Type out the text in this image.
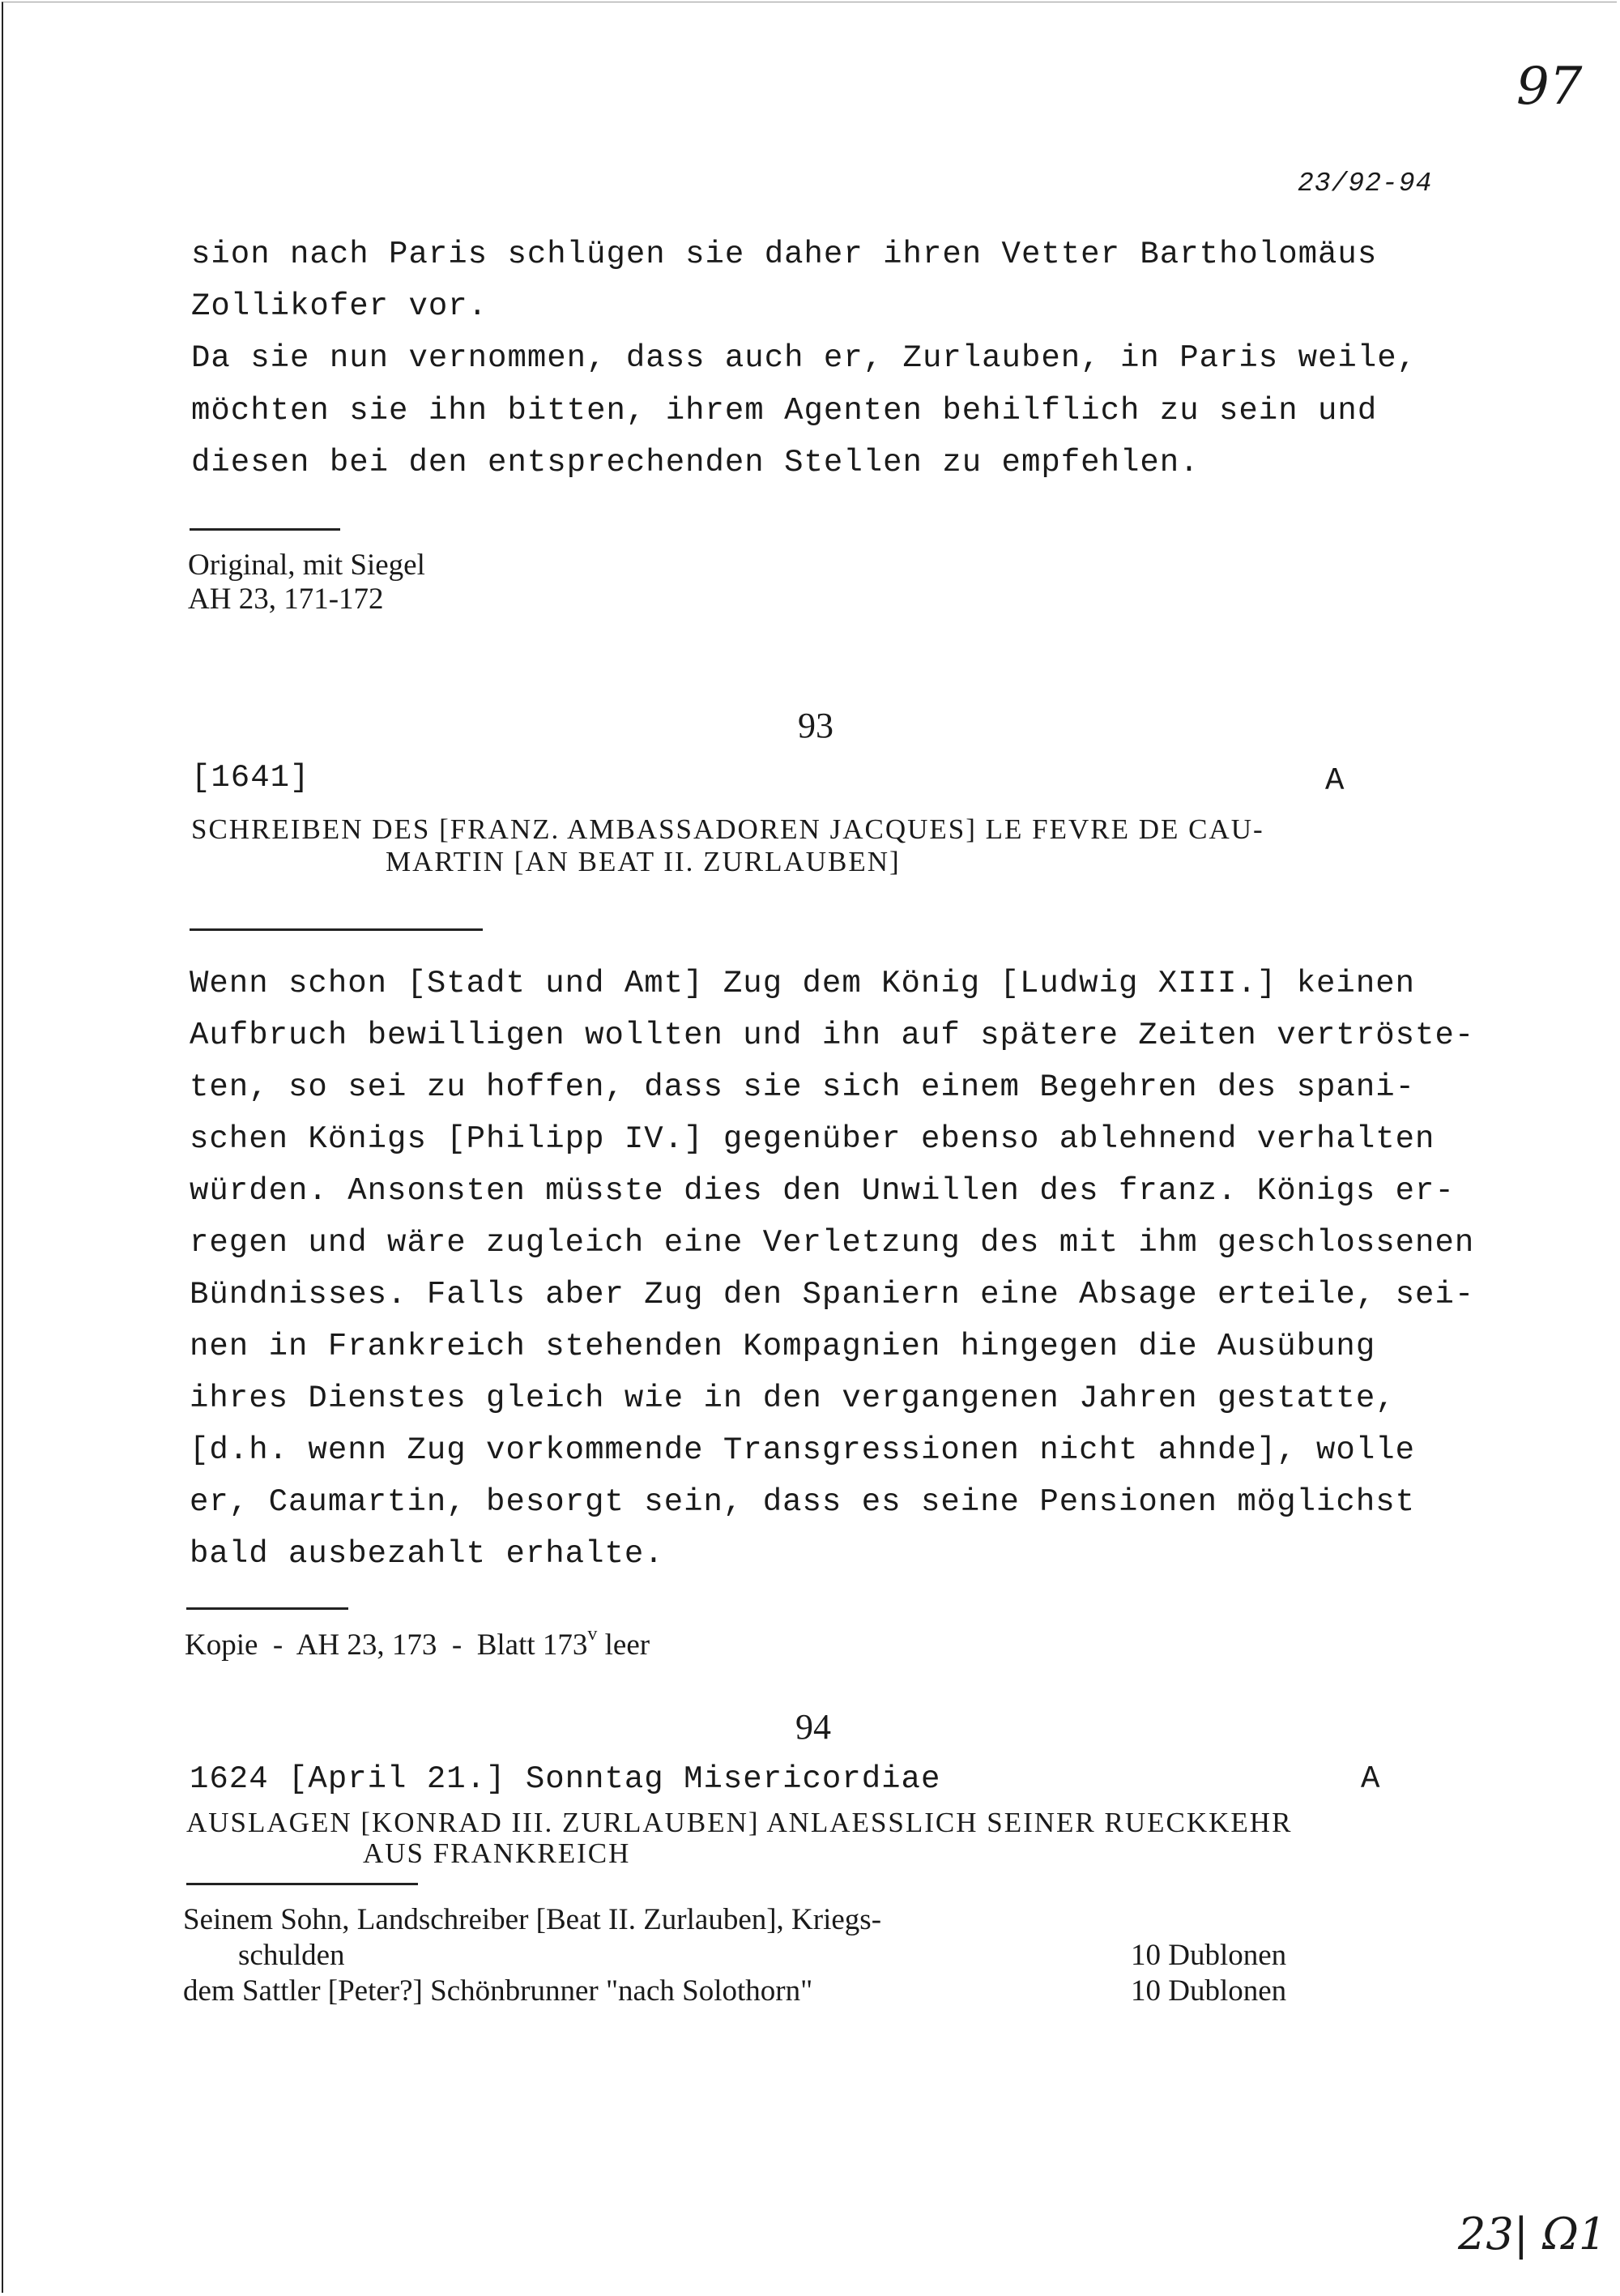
97
23/92-94
sion nach Paris schlügen sie daher ihren Vetter Bartholomäus
Zollikofer vor.
Da sie nun vernommen, dass auch er, Zurlauben, in Paris weile,
möchten sie ihn bitten, ihrem Agenten behilflich zu sein und
diesen bei den entsprechenden Stellen zu empfehlen.
Original, mit Siegel
AH 23, 171-172
93
[1641]	A
SCHREIBEN DES [FRANZ. AMBASSADOREN JACQUES] LE FEVRE DE CAU-
MARTIN [AN BEAT II. ZURLAUBEN]
Wenn schon [Stadt und Amt] Zug dem König [Ludwig XIII.] keinen
Aufbruch bewilligen wollten und ihn auf spätere Zeiten vertröste-
ten, so sei zu hoffen, dass sie sich einem Begehren des spani-
schen Königs [Philipp IV.] gegenüber ebenso ablehnend verhalten
würden. Ansonsten müsste dies den Unwillen des franz. Königs er-
regen und wäre zugleich eine Verletzung des mit ihm geschlossenen
Bündnisses. Falls aber Zug den Spaniern eine Absage erteile, sei-
nen in Frankreich stehenden Kompagnien hingegen die Ausübung
ihres Dienstes gleich wie in den vergangenen Jahren gestatte,
[d.h. wenn Zug vorkommende Transgressionen nicht ahnde], wolle
er, Caumartin, besorgt sein, dass es seine Pensionen möglichst
bald ausbezahlt erhalte.
Kopie  -  AH 23, 173  -  Blatt 173$^v$ leer
94
1624 [April 21.] Sonntag Misericordiae	A
AUSLAGEN [KONRAD III. ZURLAUBEN] ANLAESSLICH SEINER RUECKKEHR
AUS FRANKREICH
Seinem Sohn, Landschreiber [Beat II. Zurlauben], Kriegs-
schulden	10 Dublonen
dem Sattler [Peter?] Schönbrunner "nach Solothorn"	10 Dublonen
23| Ω1
